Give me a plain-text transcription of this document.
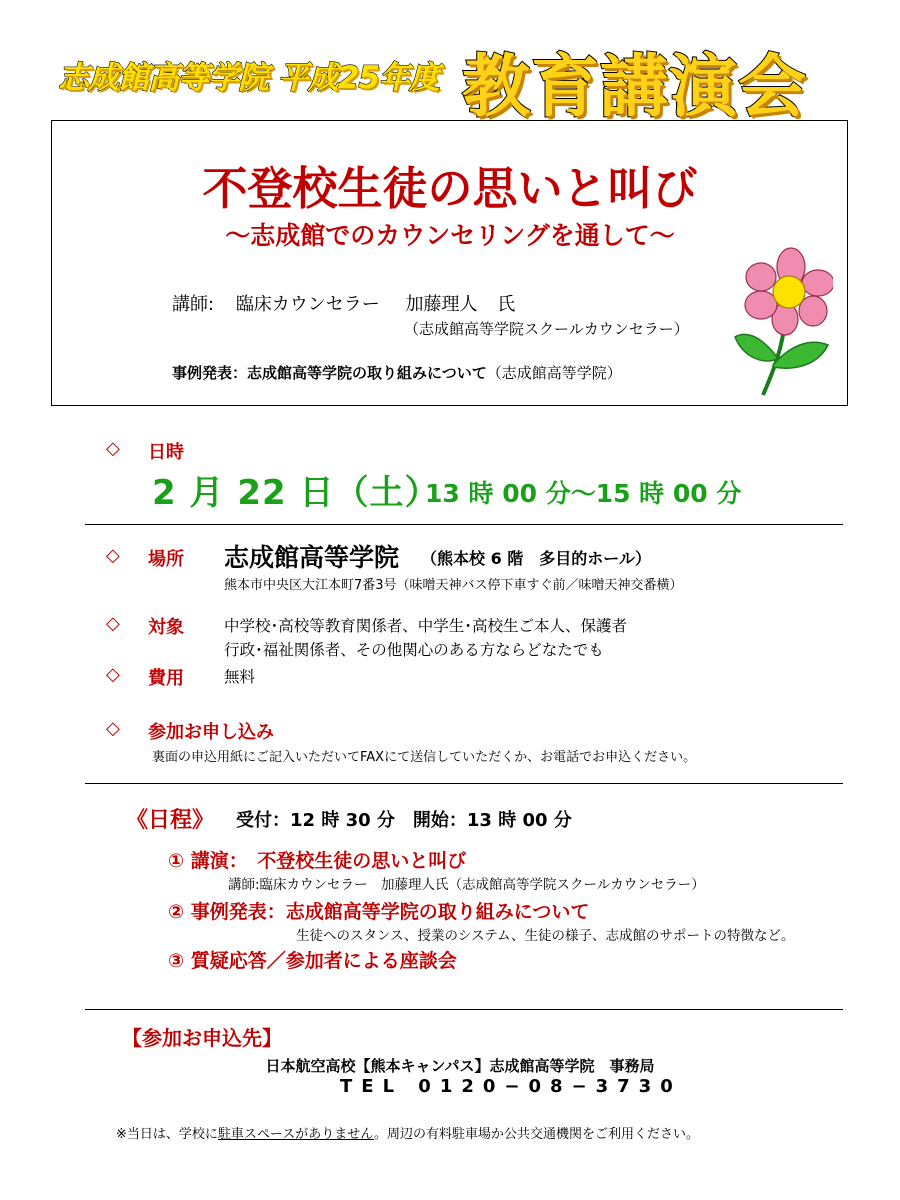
志成館高等学院 平成25年度 教育講演会
不登校生徒の思いと叫び
～志成館でのカウンセリングを通して～
講師: 臨床カウンセラー 加藤理人 氏
（志成館高等学院スクールカウンセラー）
事例発表：志成館高等学院の取り組みについて（志成館高等学院）
◇ 日時
2 月 22 日（土）
13 時 00 分～15 時 00 分
◇ 場所 志成館高等学院 （熊本校 6 階　多目的ホール）
熊本市中央区大江本町7番3号（味噌天神バス停下車すぐ前／味噌天神交番横）
◇ 対象	中学校･高校等教育関係者、中学生･高校生ご本人、保護者
行政･福祉関係者、その他関心のある方ならどなたでも
◇ 費用	無料
◇ 参加お申し込み
裏面の申込用紙にご記入いただいてFAXにて送信していただくか、お電話でお申込ください。
《日程》 受付：12 時 30 分　開始：13 時 00 分
① 講演：　不登校生徒の思いと叫び
講師:臨床カウンセラー　加藤理人氏（志成館高等学院スクールカウンセラー）
② 事例発表：志成館高等学院の取り組みについて
生徒へのスタンス、授業のシステム、生徒の様子、志成館のサポートの特徴など。
③ 質疑応答／参加者による座談会
【参加お申込先】
日本航空高校【熊本キャンパス】志成館高等学院　事務局
TEL 0120−08−3730
※当日は、学校に駐車スペースがありません。周辺の有料駐車場か公共交通機関をご利用ください。
